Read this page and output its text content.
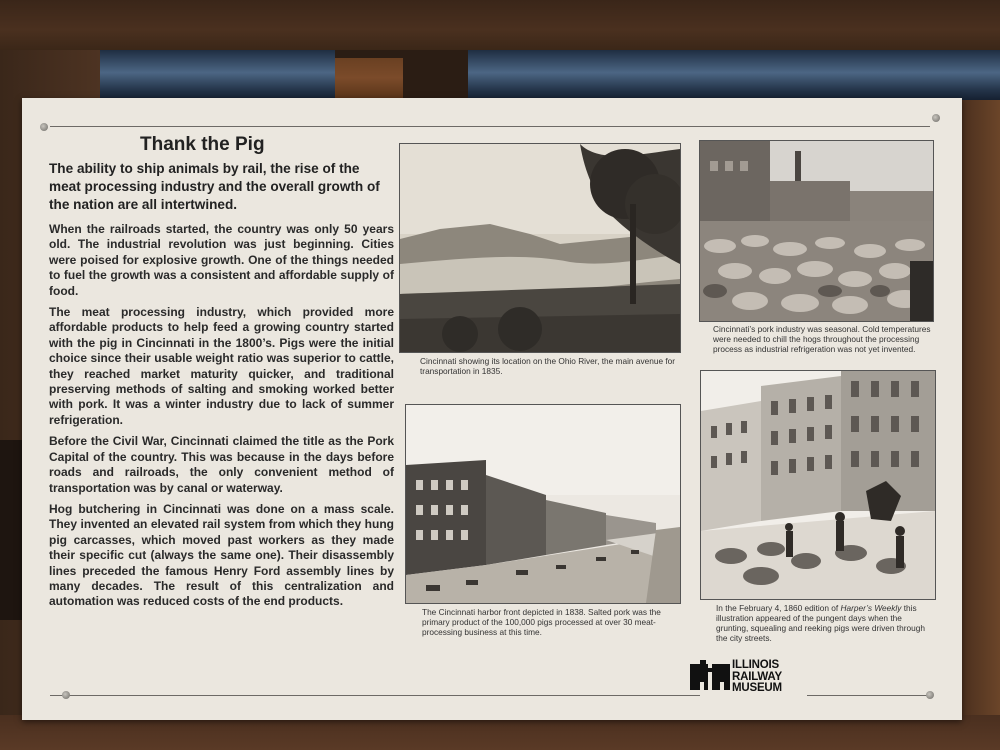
Thank the Pig

The ability to ship animals by rail, the rise of the meat processing industry and the overall growth of the nation are all intertwined.

When the railroads started, the country was only 50 years old. The industrial revolution was just beginning. Cities were poised for explosive growth. One of the things needed to fuel the growth was a consistent and affordable supply of food.

The meat processing industry, which provided more affordable products to help feed a growing country started with the pig in Cincinnati in the 1800’s. Pigs were the initial choice since their usable weight ratio was superior to cattle, they reached market maturity quicker, and traditional preserving methods of salting and smoking worked better with pork. It was a winter industry due to lack of summer refrigeration.

Before the Civil War, Cincinnati claimed the title as the Pork Capital of the country. This was because in the days before roads and railroads, the only convenient method of transportation was by canal or waterway.

Hog butchering in Cincinnati was done on a mass scale. They invented an elevated rail system from which they hung pig carcasses, which moved past workers as they made their specific cut (always the same one). Their disassembly lines preceded the famous Henry Ford assembly lines by many decades. The result of this centralization and automation was reduced costs of the end products.

Cincinnati showing its location on the Ohio River, the main avenue for transportation in 1835.

Cincinnati’s pork industry was seasonal. Cold temperatures were needed to chill the hogs throughout the processing process as industrial refrigeration was not yet invented.

The Cincinnati harbor front depicted in 1838. Salted pork was the primary product of the 100,000 pigs processed at over 30 meat-processing business at this time.

In the February 4, 1860 edition of Harper’s Weekly this illustration appeared of the pungent days when the grunting, squealing and reeking pigs were driven through the city streets.

ILLINOIS
RAILWAY
MUSEUM
